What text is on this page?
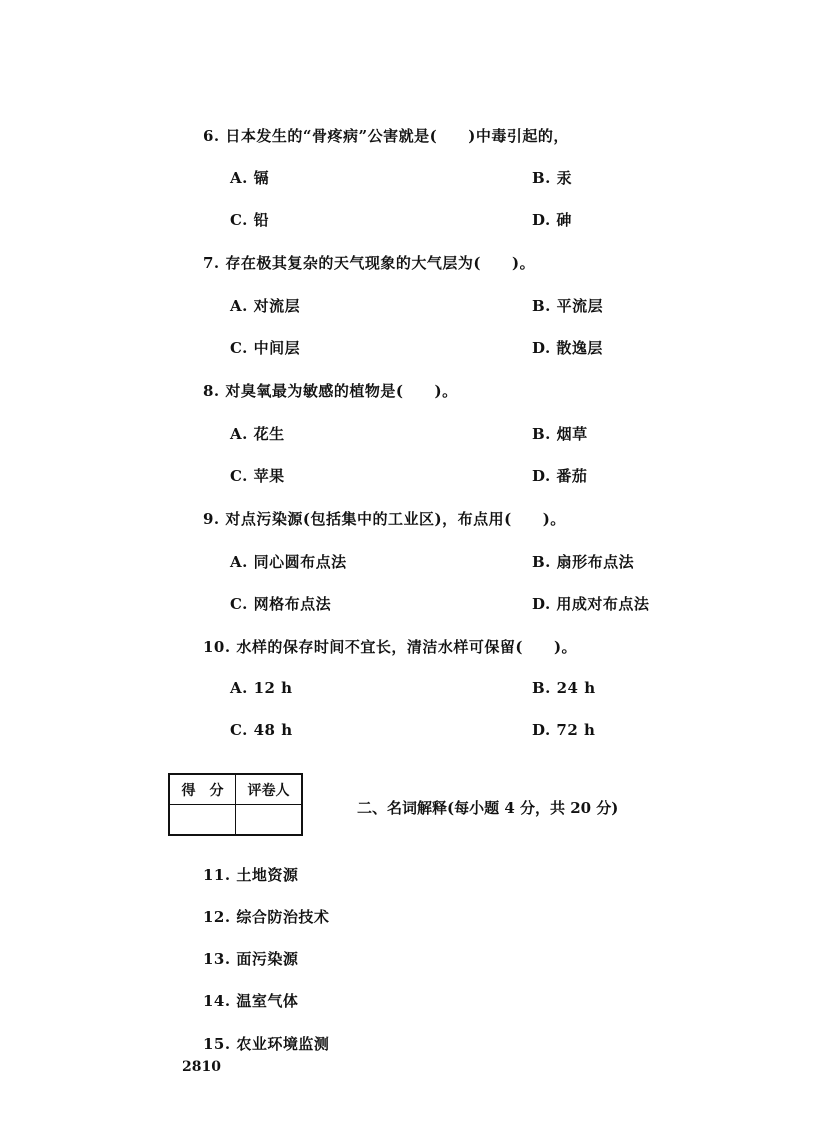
6. 日本发生的“骨疼病”公害就是(　　)中毒引起的，
A. 镉	B. 汞
C. 铅	D. 砷
7. 存在极其复杂的天气现象的大气层为(　　)。
A. 对流层	B. 平流层
C. 中间层	D. 散逸层
8. 对臭氧最为敏感的植物是(　　)。
A. 花生	B. 烟草
C. 苹果	D. 番茄
9. 对点污染源(包括集中的工业区)，布点用(　　)。
A. 同心圆布点法	B. 扇形布点法
C. 网格布点法	D. 用成对布点法
10. 水样的保存时间不宜长，清洁水样可保留(　　)。
A. 12 h	B. 24 h
C. 48 h	D. 72 h
得　分	评卷人

二、名词解释(每小题 4 分，共 20 分)
11. 土地资源
12. 综合防治技术
13. 面污染源
14. 温室气体
15. 农业环境监测
2810
